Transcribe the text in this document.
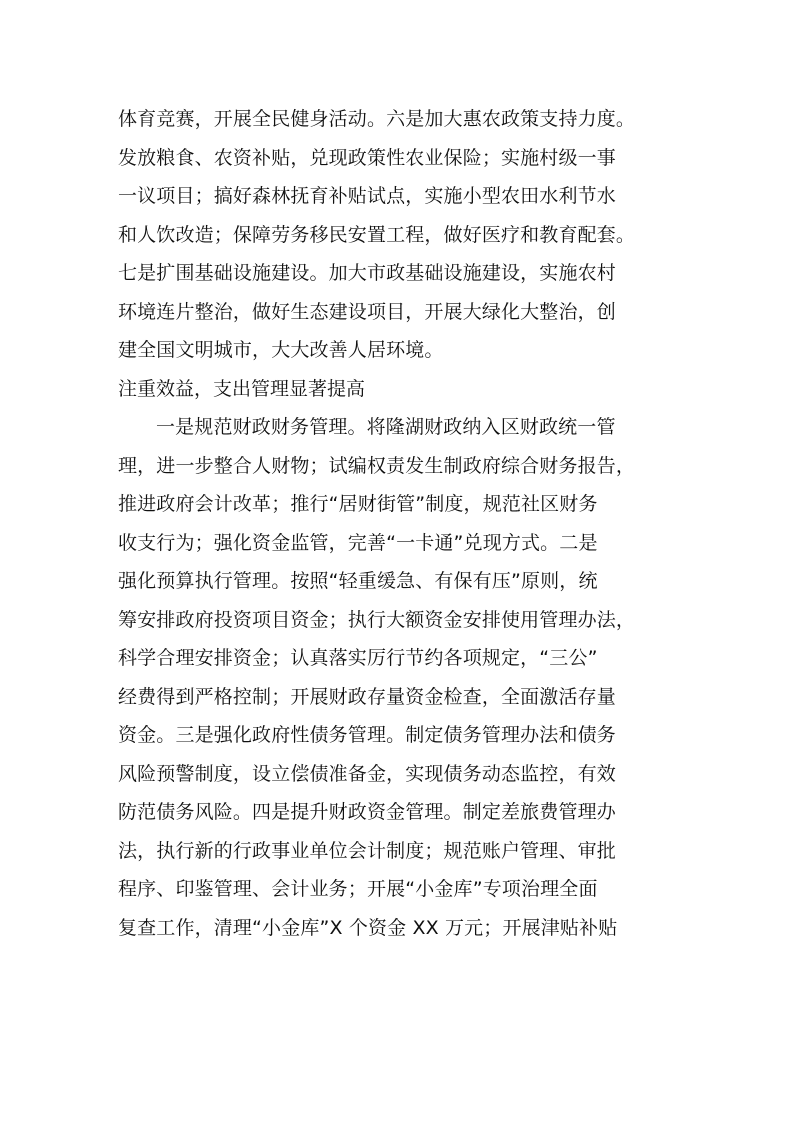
体育竞赛，开展全民健身活动。六是加大惠农政策支持力度。
发放粮食、农资补贴，兑现政策性农业保险；实施村级一事
一议项目；搞好森林抚育补贴试点，实施小型农田水利节水
和人饮改造；保障劳务移民安置工程，做好医疗和教育配套。
七是扩围基础设施建设。加大市政基础设施建设，实施农村
环境连片整治，做好生态建设项目，开展大绿化大整治，创
建全国文明城市，大大改善人居环境。
注重效益，支出管理显著提高
一是规范财政财务管理。将隆湖财政纳入区财政统一管
理，进一步整合人财物；试编权责发生制政府综合财务报告，
推进政府会计改革；推行“居财街管”制度，规范社区财务
收支行为；强化资金监管，完善“一卡通”兑现方式。二是
强化预算执行管理。按照“轻重缓急、有保有压”原则，统
筹安排政府投资项目资金；执行大额资金安排使用管理办法，
科学合理安排资金；认真落实厉行节约各项规定，“三公”
经费得到严格控制；开展财政存量资金检查，全面激活存量
资金。三是强化政府性债务管理。制定债务管理办法和债务
风险预警制度，设立偿债准备金，实现债务动态监控，有效
防范债务风险。四是提升财政资金管理。制定差旅费管理办
法，执行新的行政事业单位会计制度；规范账户管理、审批
程序、印鉴管理、会计业务；开展“小金库”专项治理全面
复查工作，清理“小金库”X 个资金 XX 万元；开展津贴补贴
